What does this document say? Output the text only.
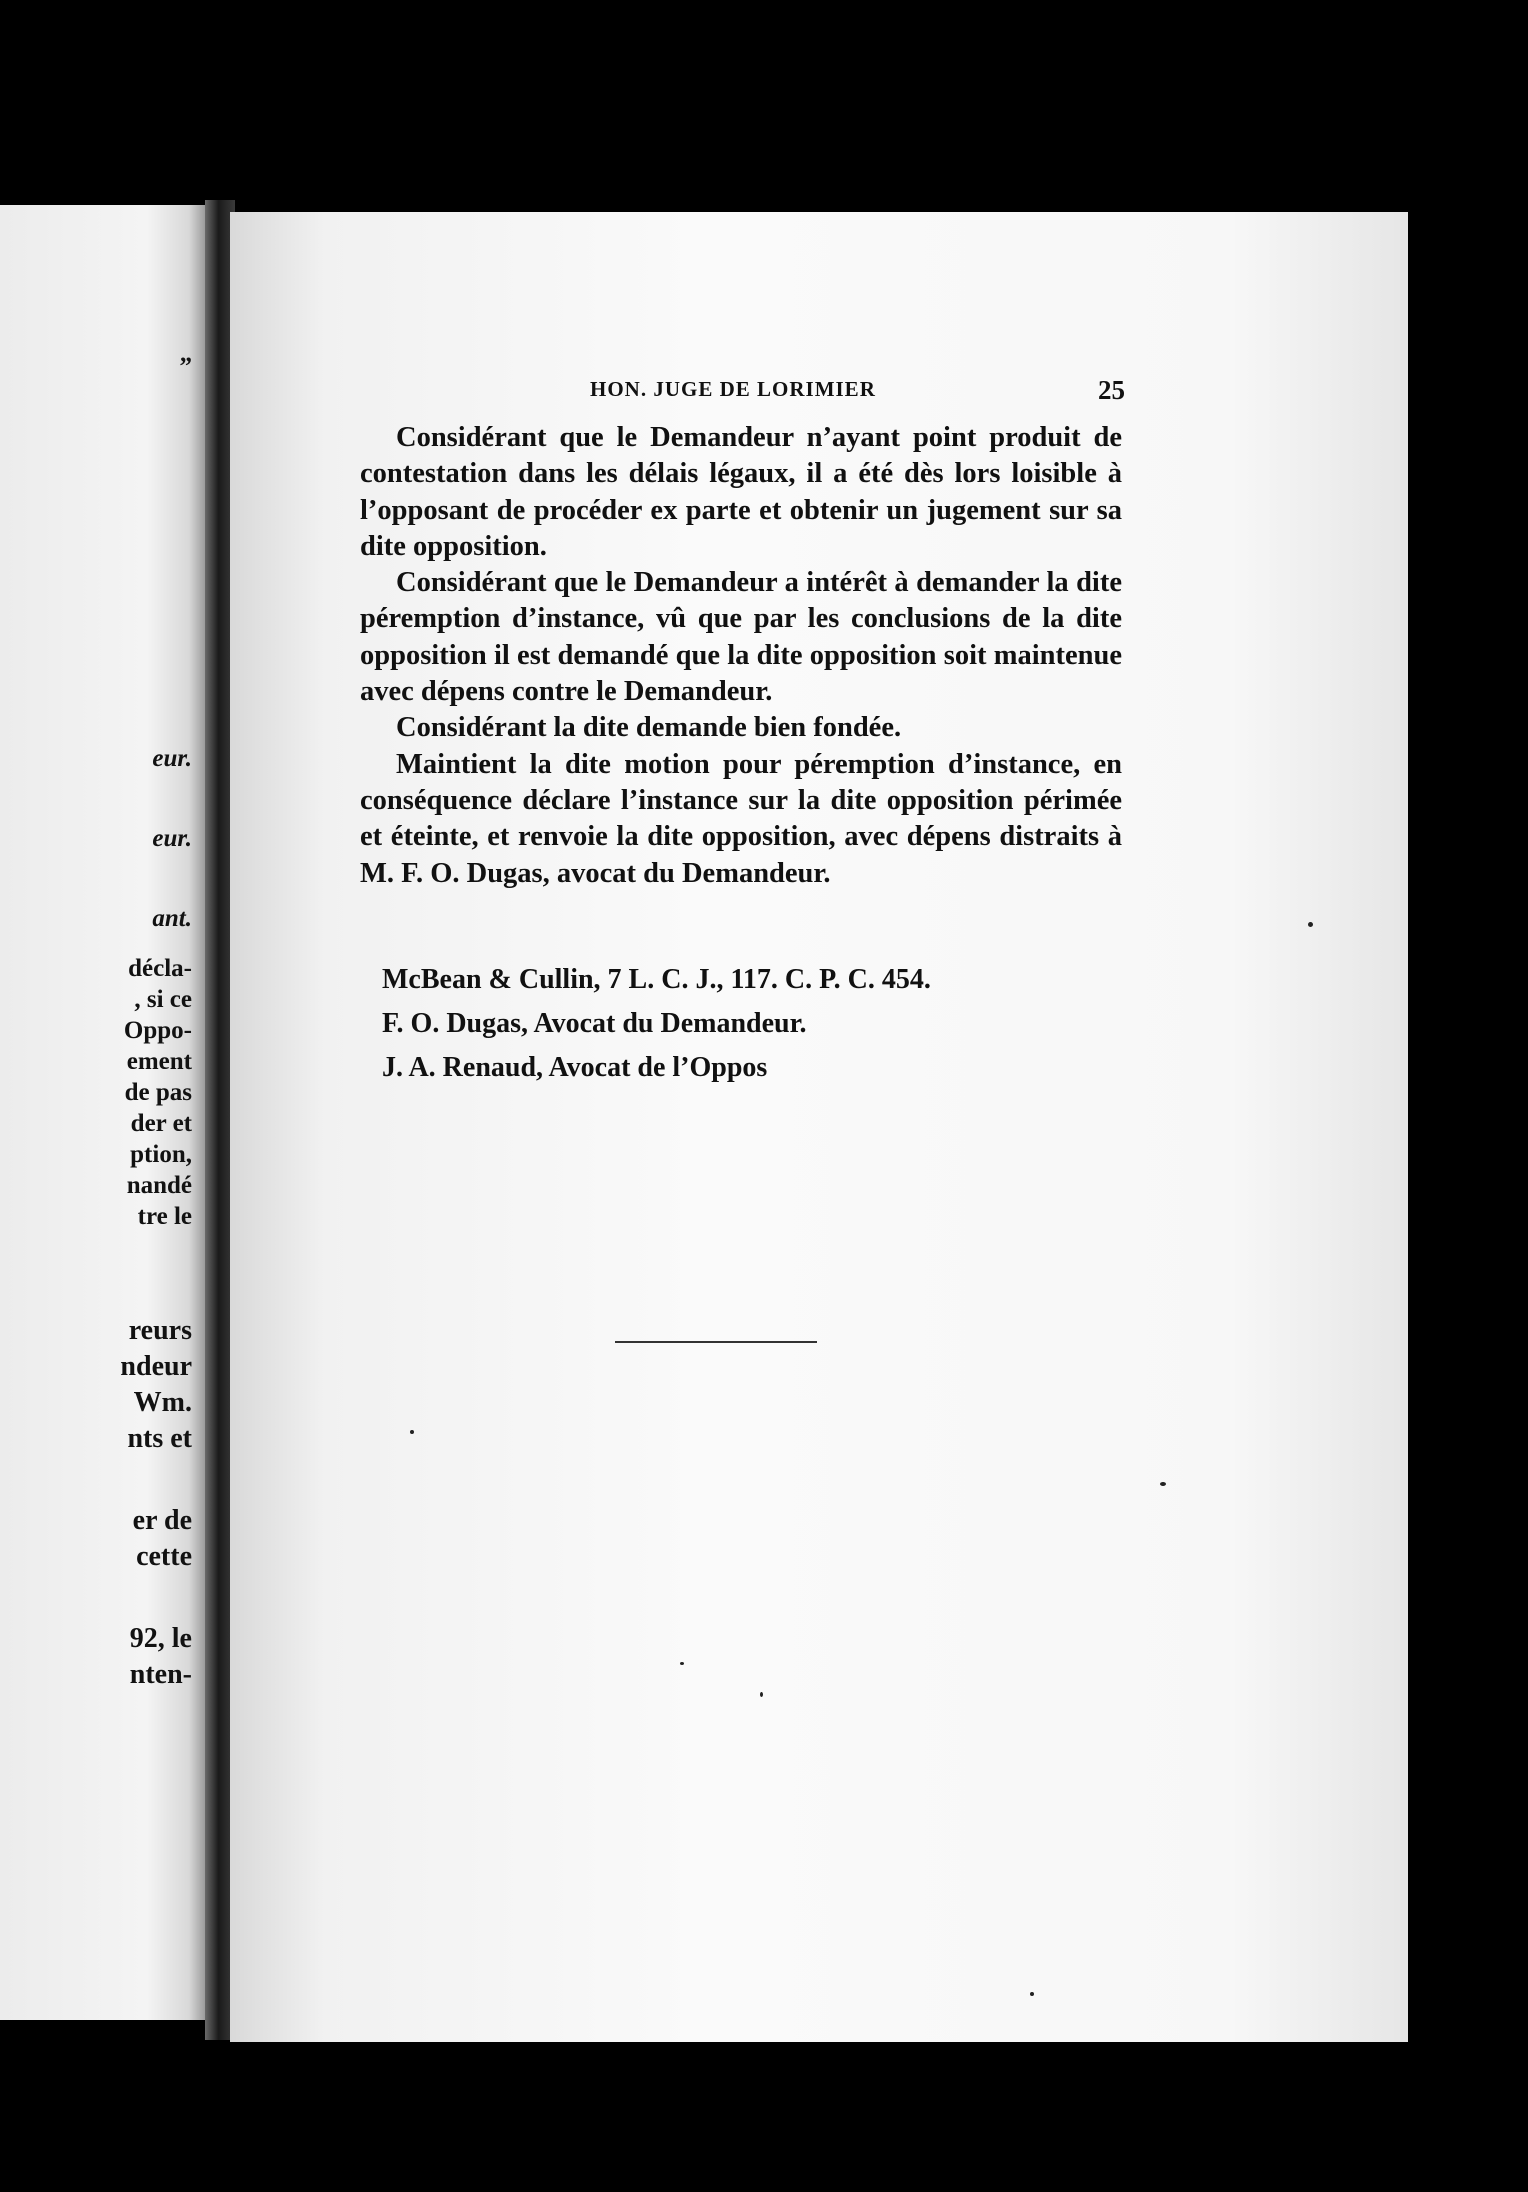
”
eur.
eur.
ant.
décla-
, si ce
Oppo-
ement
de pas
der et
ption,
nandé
tre le
reurs
ndeur
Wm.
nts et
er de
cette
92, le
nten-
HON. JUGE DE LORIMIER	25

Considérant que le Demandeur n’ayant point produit de contestation dans les délais légaux, il a été dès lors loisible à l’opposant de procéder ex parte et obtenir un jugement sur sa dite opposition.

Considérant que le Demandeur a intérêt à demander la dite péremption d’instance, vû que par les conclusions de la dite opposition il est demandé que la dite opposition soit maintenue avec dépens contre le Demandeur.

Considérant la dite demande bien fondée.

Maintient la dite motion pour péremption d’instance, en conséquence déclare l’instance sur la dite opposition périmée et éteinte, et renvoie la dite opposition, avec dépens distraits à M. F. O. Dugas, avocat du Demandeur.

McBean & Cullin, 7 L. C. J., 117. C. P. C. 454.
F. O. Dugas, Avocat du Demandeur.
J. A. Renaud, Avocat de l’Oppos
